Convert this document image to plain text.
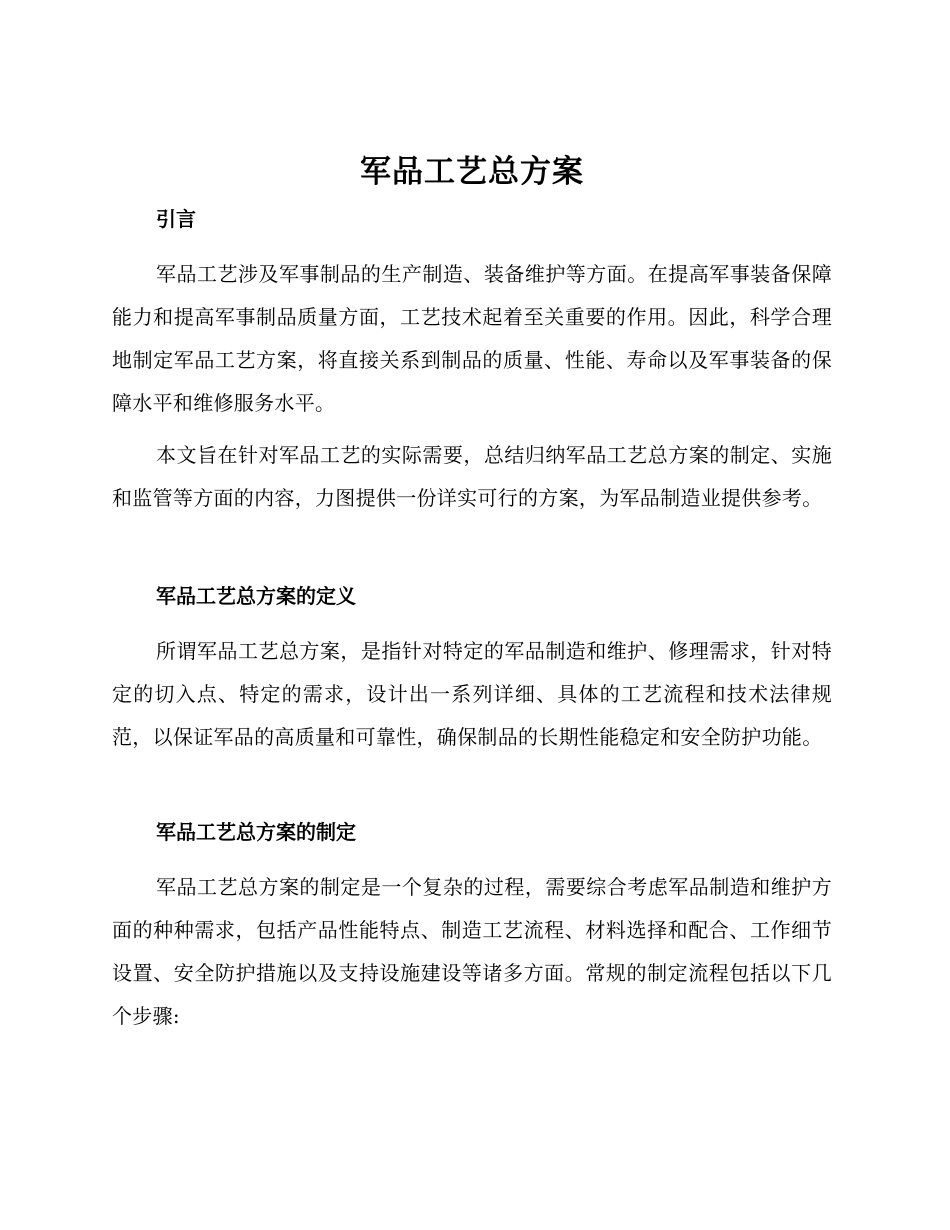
军品工艺总方案
引言

军品工艺涉及军事制品的生产制造、装备维护等方面。在提高军事装备保障能力和提高军事制品质量方面，工艺技术起着至关重要的作用。因此，科学合理地制定军品工艺方案，将直接关系到制品的质量、性能、寿命以及军事装备的保障水平和维修服务水平。

本文旨在针对军品工艺的实际需要，总结归纳军品工艺总方案的制定、实施和监管等方面的内容，力图提供一份详实可行的方案，为军品制造业提供参考。

军品工艺总方案的定义

所谓军品工艺总方案，是指针对特定的军品制造和维护、修理需求，针对特定的切入点、特定的需求，设计出一系列详细、具体的工艺流程和技术法律规范，以保证军品的高质量和可靠性，确保制品的长期性能稳定和安全防护功能。

军品工艺总方案的制定

军品工艺总方案的制定是一个复杂的过程，需要综合考虑军品制造和维护方面的种种需求，包括产品性能特点、制造工艺流程、材料选择和配合、工作细节设置、安全防护措施以及支持设施建设等诸多方面。常规的制定流程包括以下几个步骤:
